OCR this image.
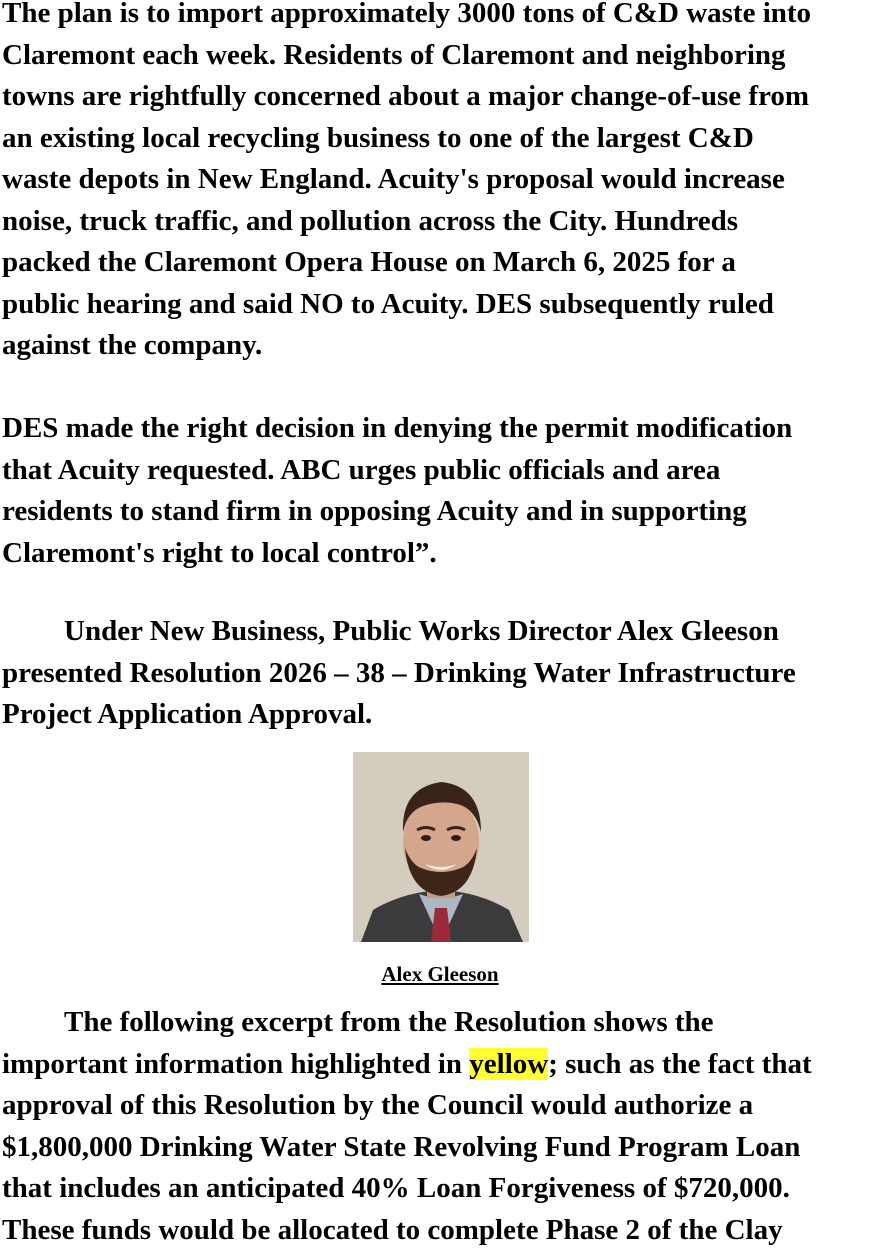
The plan is to import approximately 3000 tons of C&D waste into
Claremont each week. Residents of Claremont and neighboring
towns are rightfully concerned about a major change-of-use from
an existing local recycling business to one of the largest C&D
waste depots in New England. Acuity's proposal would increase
noise, truck traffic, and pollution across the City. Hundreds
packed the Claremont Opera House on March 6, 2025 for a
public hearing and said NO to Acuity. DES subsequently ruled
against the company.
DES made the right decision in denying the permit modification
that Acuity requested. ABC urges public officials and area
residents to stand firm in opposing Acuity and in supporting
Claremont's right to local control”.
Under New Business, Public Works Director Alex Gleeson
presented Resolution 2026 – 38 – Drinking Water Infrastructure
Project Application Approval.
Alex Gleeson
The following excerpt from the Resolution shows the
important information highlighted in yellow; such as the fact that
approval of this Resolution by the Council would authorize a
$1,800,000 Drinking Water State Revolving Fund Program Loan
that includes an anticipated 40% Loan Forgiveness of $720,000.
These funds would be allocated to complete Phase 2 of the Clay
